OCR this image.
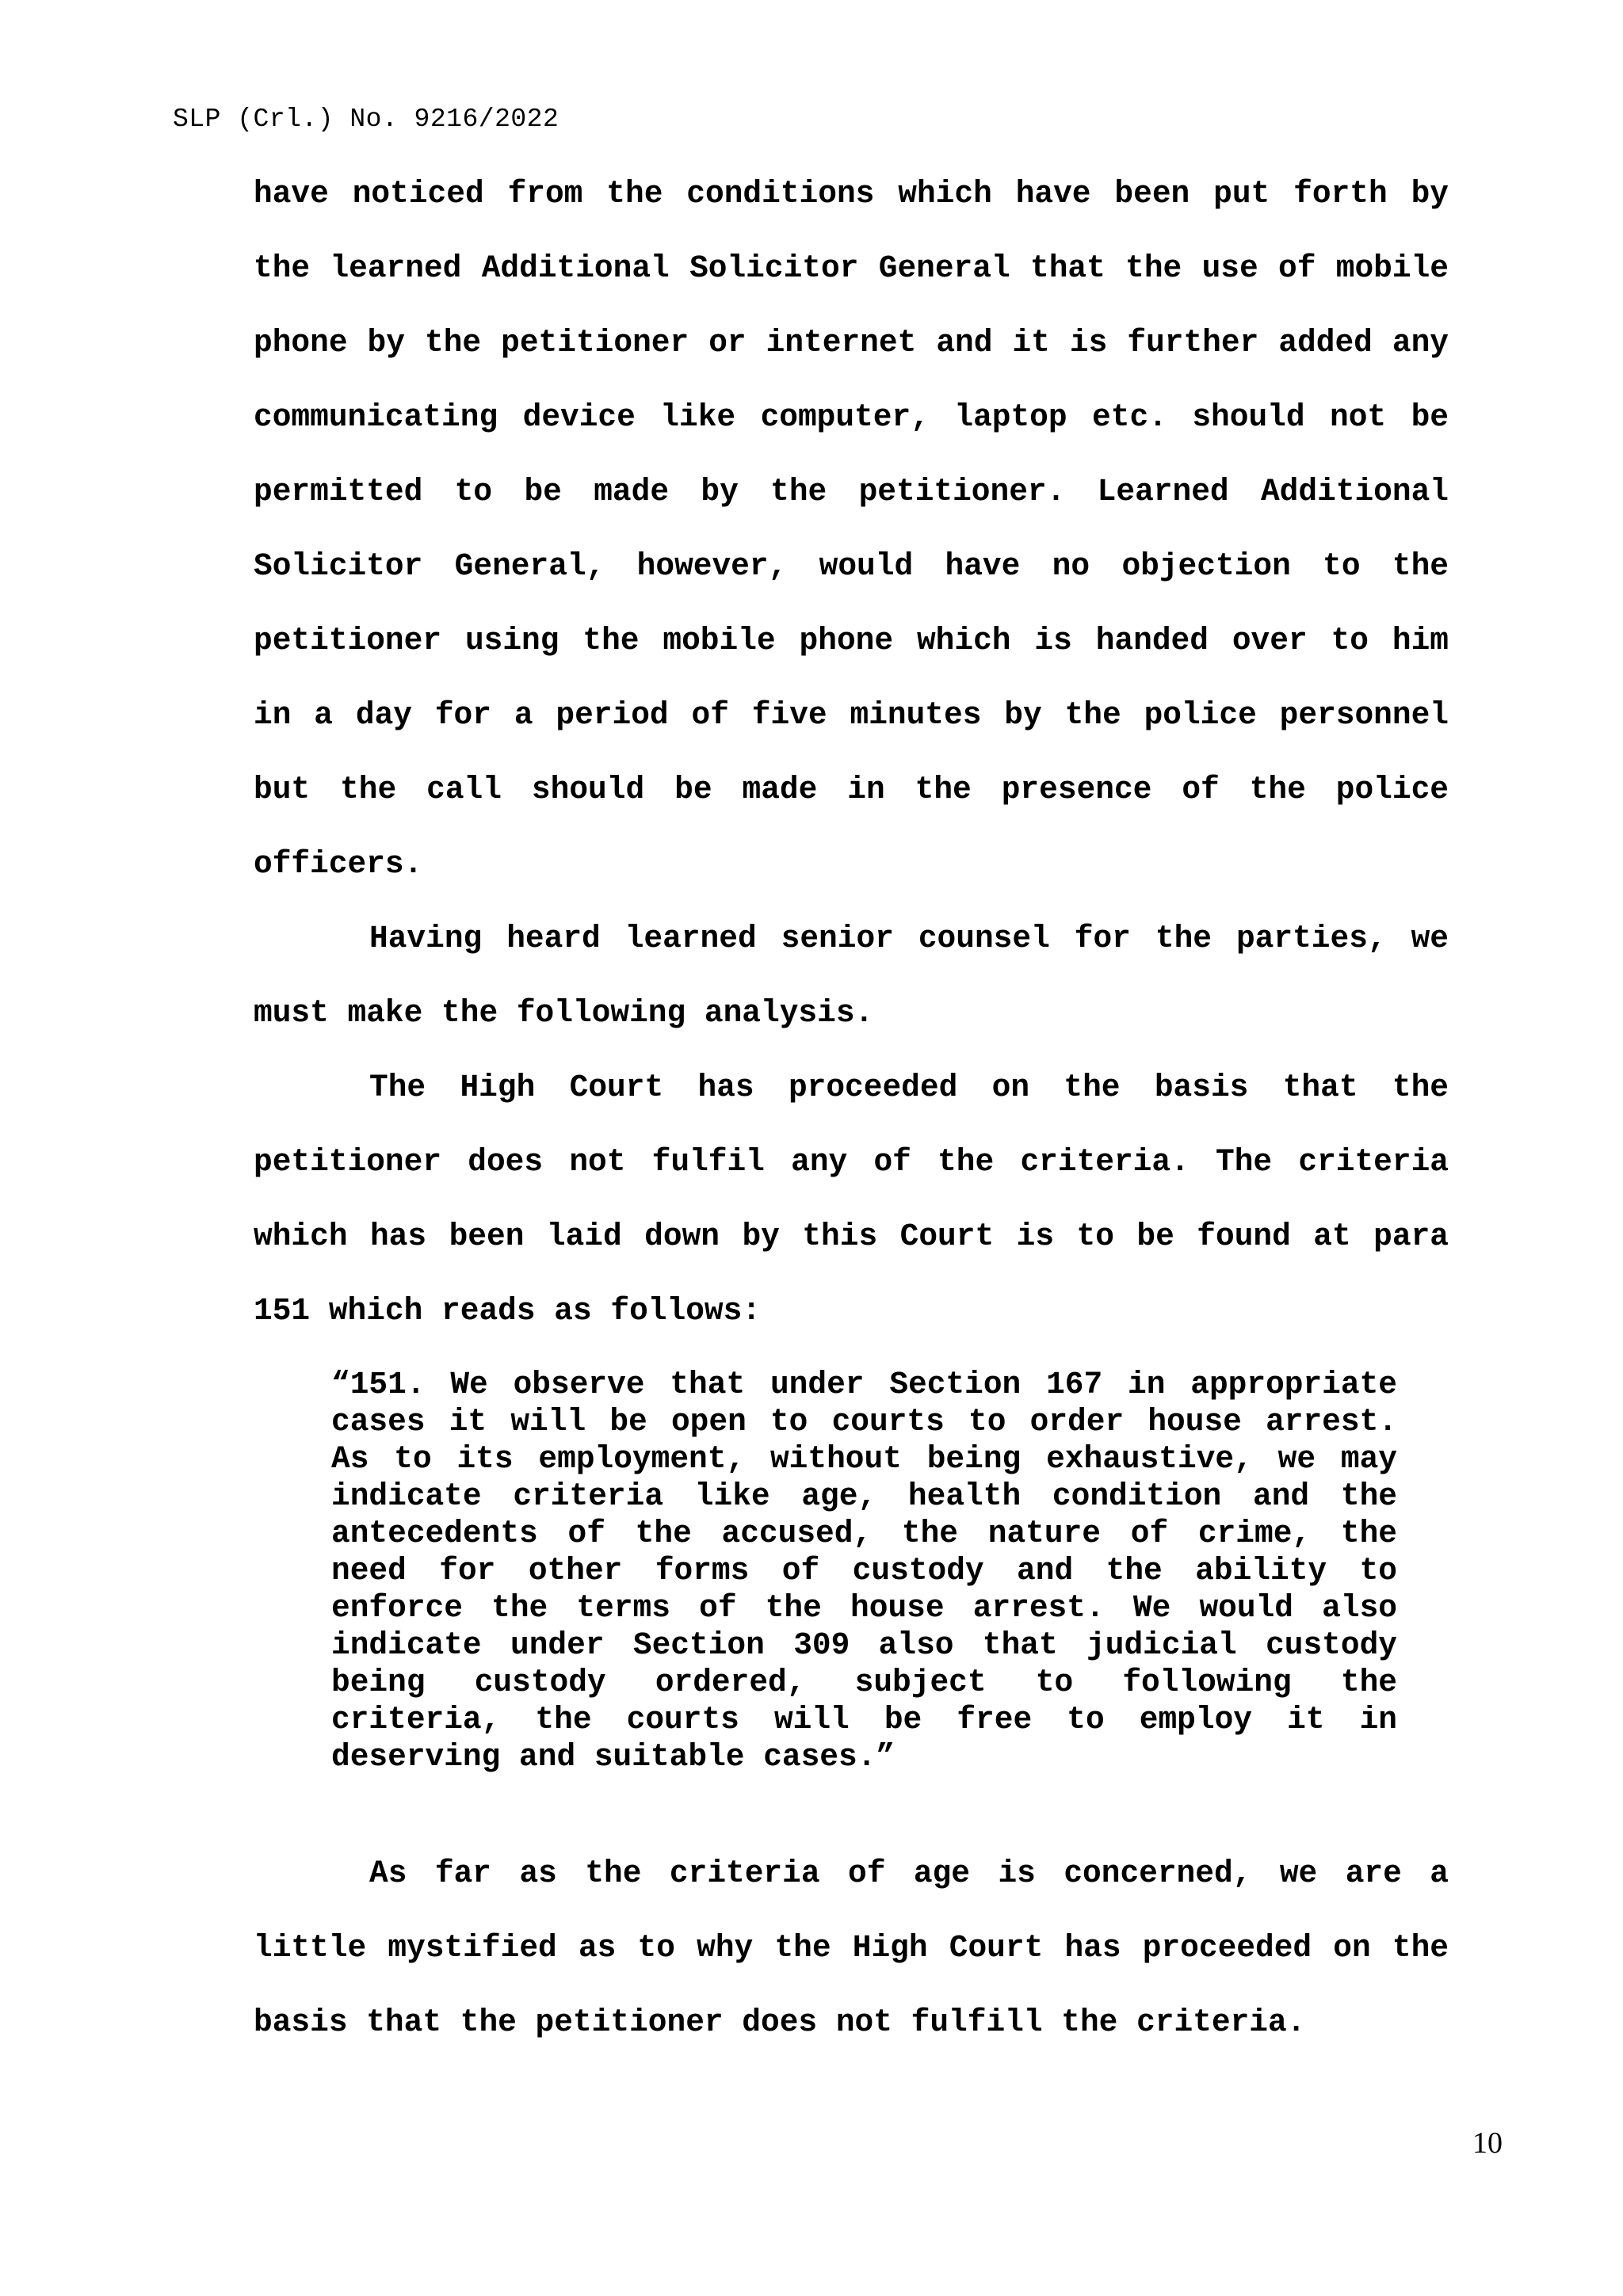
SLP (Crl.) No. 9216/2022

have noticed from the conditions which have been put forth by the learned Additional Solicitor General that the use of mobile phone by the petitioner or internet and it is further added any communicating device like computer, laptop etc. should not be permitted to be made by the petitioner. Learned Additional Solicitor General, however, would have no objection to the petitioner using the mobile phone which is handed over to him in a day for a period of five minutes by the police personnel but the call should be made in the presence of the police officers.

Having heard learned senior counsel for the parties, we must make the following analysis.

The High Court has proceeded on the basis that the petitioner does not fulfil any of the criteria. The criteria which has been laid down by this Court is to be found at para 151 which reads as follows:

“151. We observe that under Section 167 in appropriate cases it will be open to courts to order house arrest. As to its employment, without being exhaustive, we may indicate criteria like age, health condition and the antecedents of the accused, the nature of crime, the need for other forms of custody and the ability to enforce the terms of the house arrest. We would also indicate under Section 309 also that judicial custody being custody ordered, subject to following the criteria, the courts will be free to employ it in deserving and suitable cases.”

As far as the criteria of age is concerned, we are a little mystified as to why the High Court has proceeded on the basis that the petitioner does not fulfill the criteria.

10
